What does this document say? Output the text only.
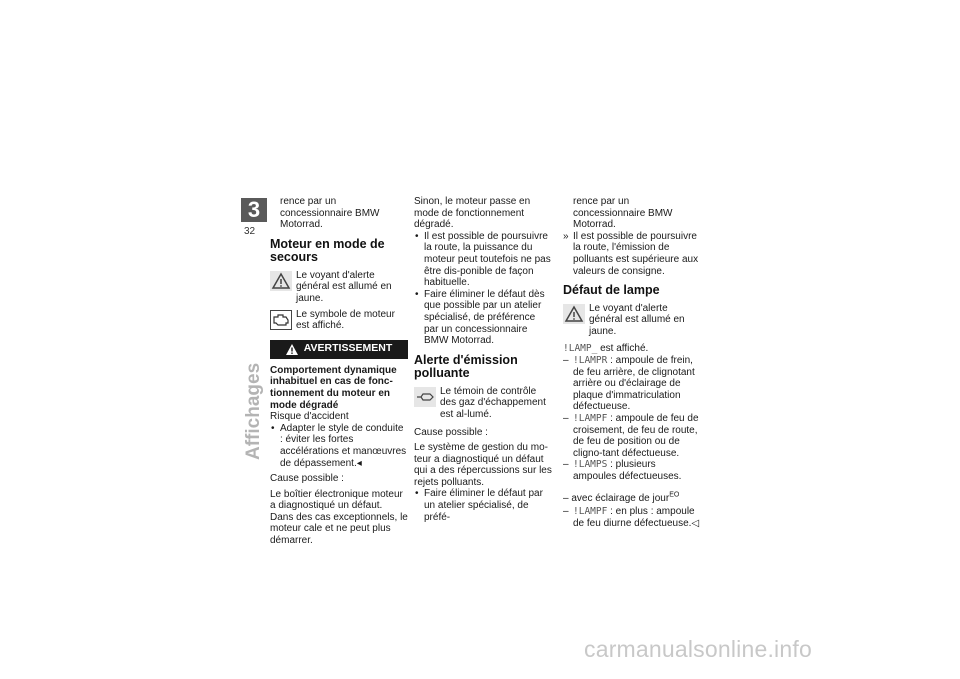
3
32
Affichages

rence par un concessionnaire BMW Motorrad.

Moteur en mode de secours
Le voyant d'alerte général est allumé en jaune.
Le symbole de moteur est affiché.
AVERTISSEMENT

Comportement dynamique inhabituel en cas de fonc-tionnement du moteur en mode dégradé

Risque d'accident

• Adapter le style de conduite : éviter les fortes accélérations et manœuvres de dépassement.◂

Cause possible :

Le boîtier électronique moteur a diagnostiqué un défaut. Dans des cas exceptionnels, le moteur cale et ne peut plus démarrer.

Sinon, le moteur passe en mode de fonctionnement dégradé.

• Il est possible de poursuivre la route, la puissance du moteur peut toutefois ne pas être dis-ponible de façon habituelle.
• Faire éliminer le défaut dès que possible par un atelier spécialisé, de préférence par un concessionnaire BMW Motorrad.
Alerte d'émission polluante
Le témoin de contrôle des gaz d'échappement est al-lumé.

Cause possible :

Le système de gestion du mo-teur a diagnostiqué un défaut qui a des répercussions sur les rejets polluants.

• Faire éliminer le défaut par un atelier spécialisé, de préfé-

rence par un concessionnaire BMW Motorrad.

» Il est possible de poursuivre la route, l'émission de polluants est supérieure aux valeurs de consigne.
Défaut de lampe
Le voyant d'alerte général est allumé en jaune.

!LAMP_ est affiché.

– !LAMPR : ampoule de frein, de feu arrière, de clignotant arrière ou d'éclairage de plaque d'immatriculation défectueuse.
– !LAMPF : ampoule de feu de croisement, de feu de route, de feu de position ou de cligno-tant défectueuse.
– !LAMPS : plusieurs ampoules défectueuses.

– avec éclairage de jour$^{EO}$

– !LAMPF : en plus : ampoule de feu diurne défectueuse.◁
carmanualsonline.info
